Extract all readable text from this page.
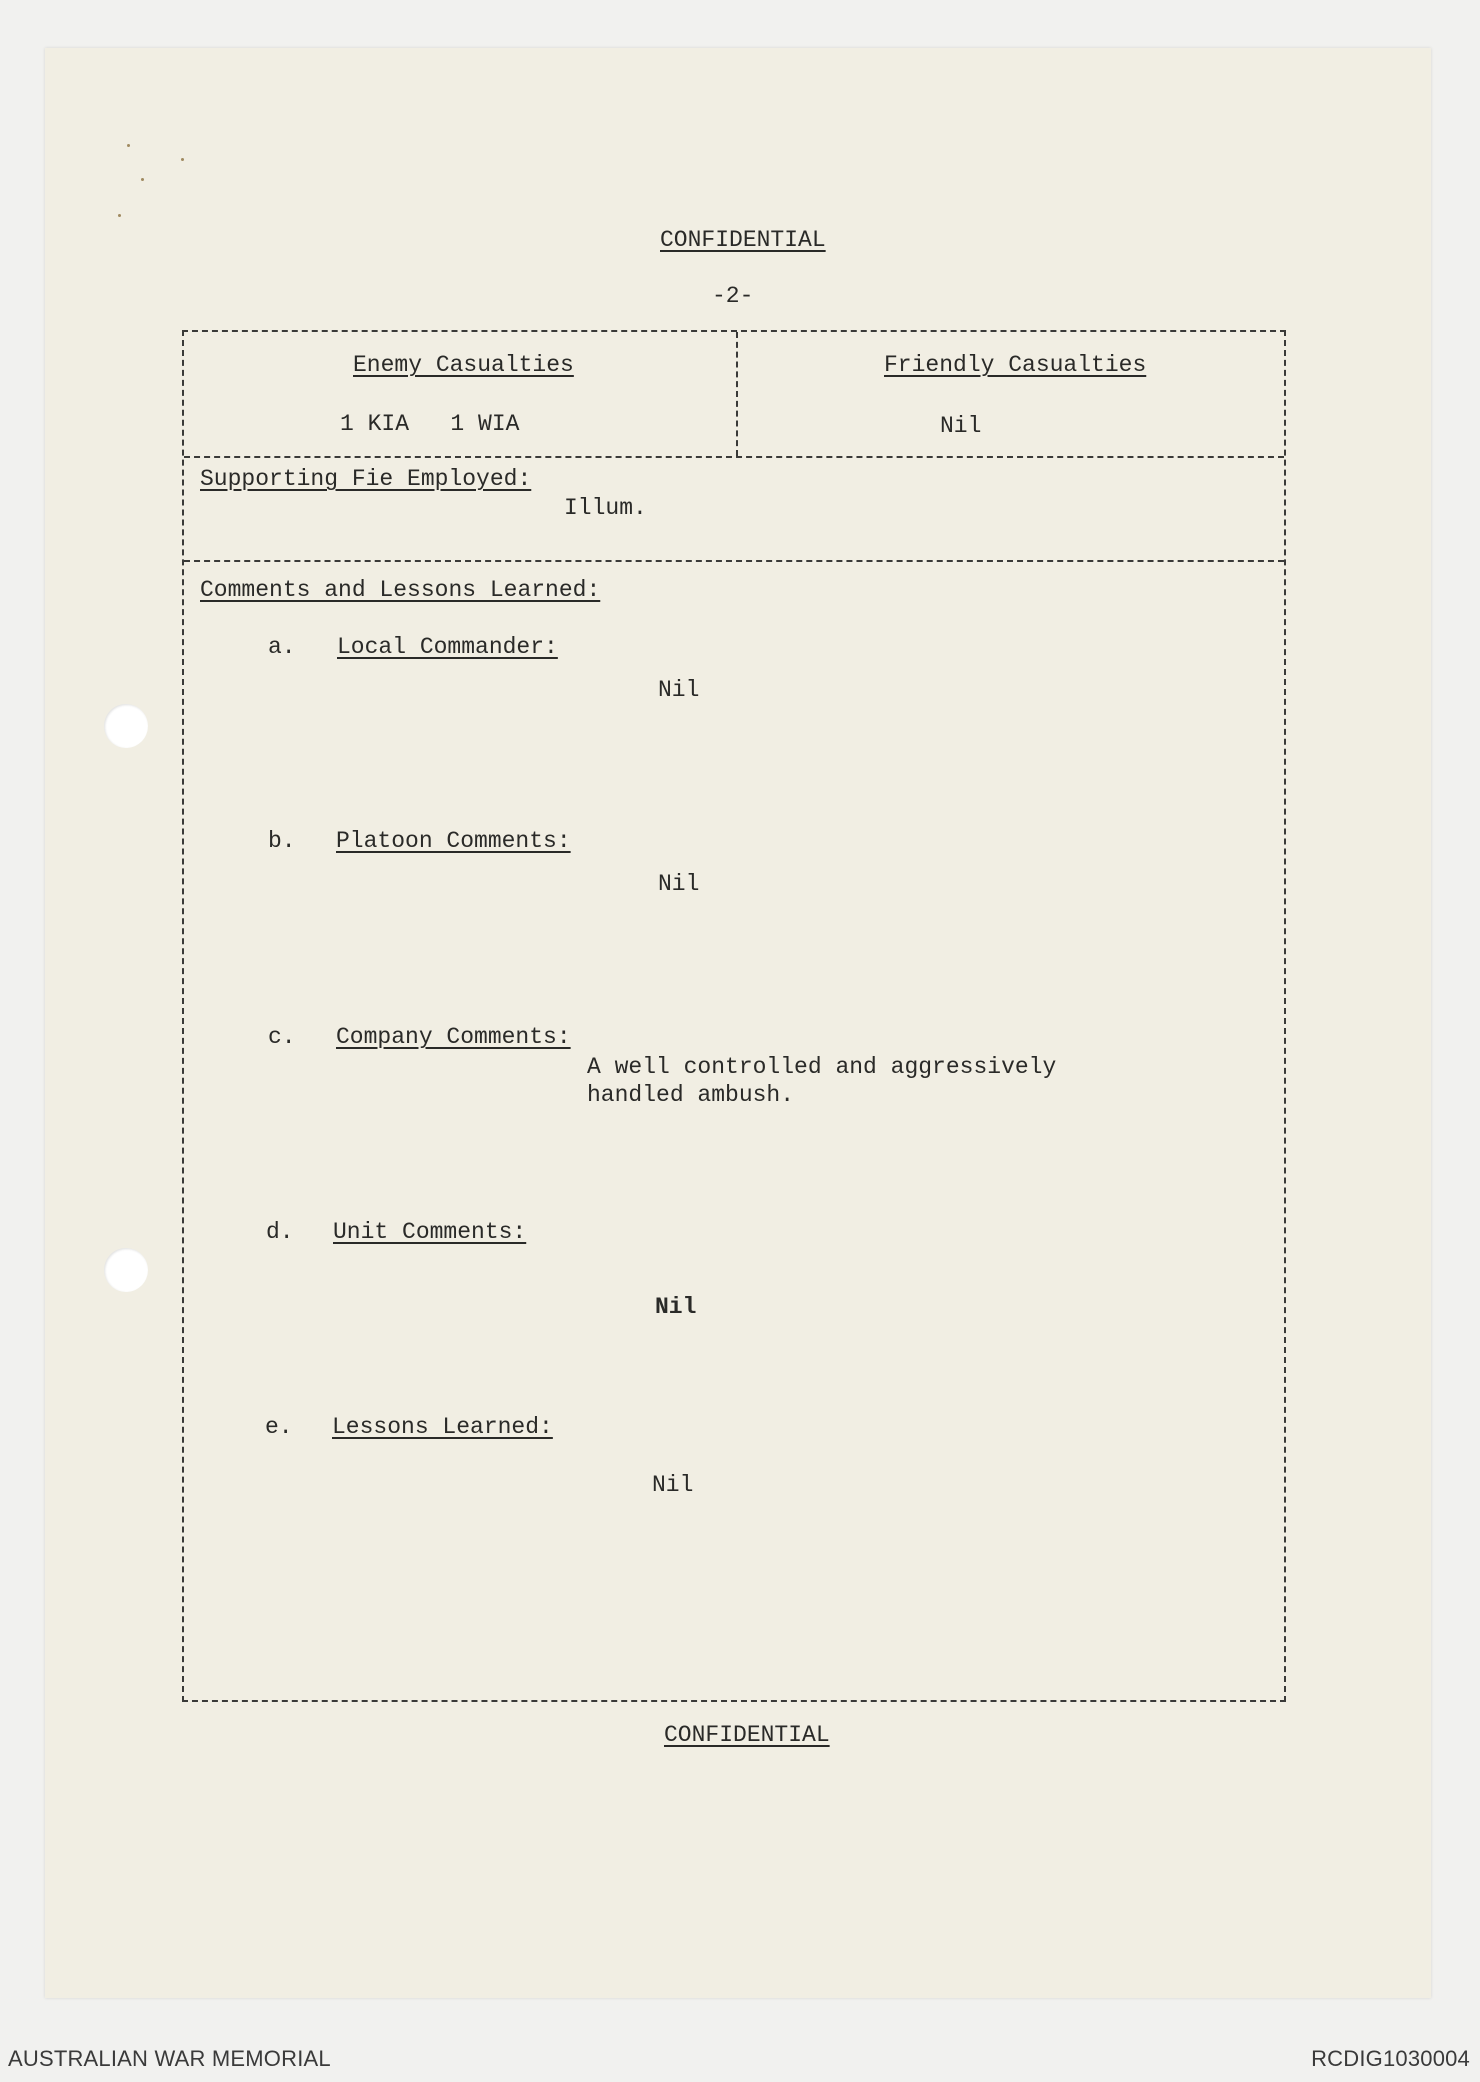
CONFIDENTIAL
-2-
Enemy Casualties
1 KIA   1 WIA
Friendly Casualties
Nil
Supporting Fie Employed:
Illum.
Comments and Lessons Learned:
a. Local Commander:
Nil
b. Platoon Comments:
Nil
c. Company Comments:
A well controlled and aggressively
handled ambush.
d. Unit Comments:
Nil
e. Lessons Learned:
Nil
CONFIDENTIAL
AUSTRALIAN WAR MEMORIAL	RCDIG1030004
